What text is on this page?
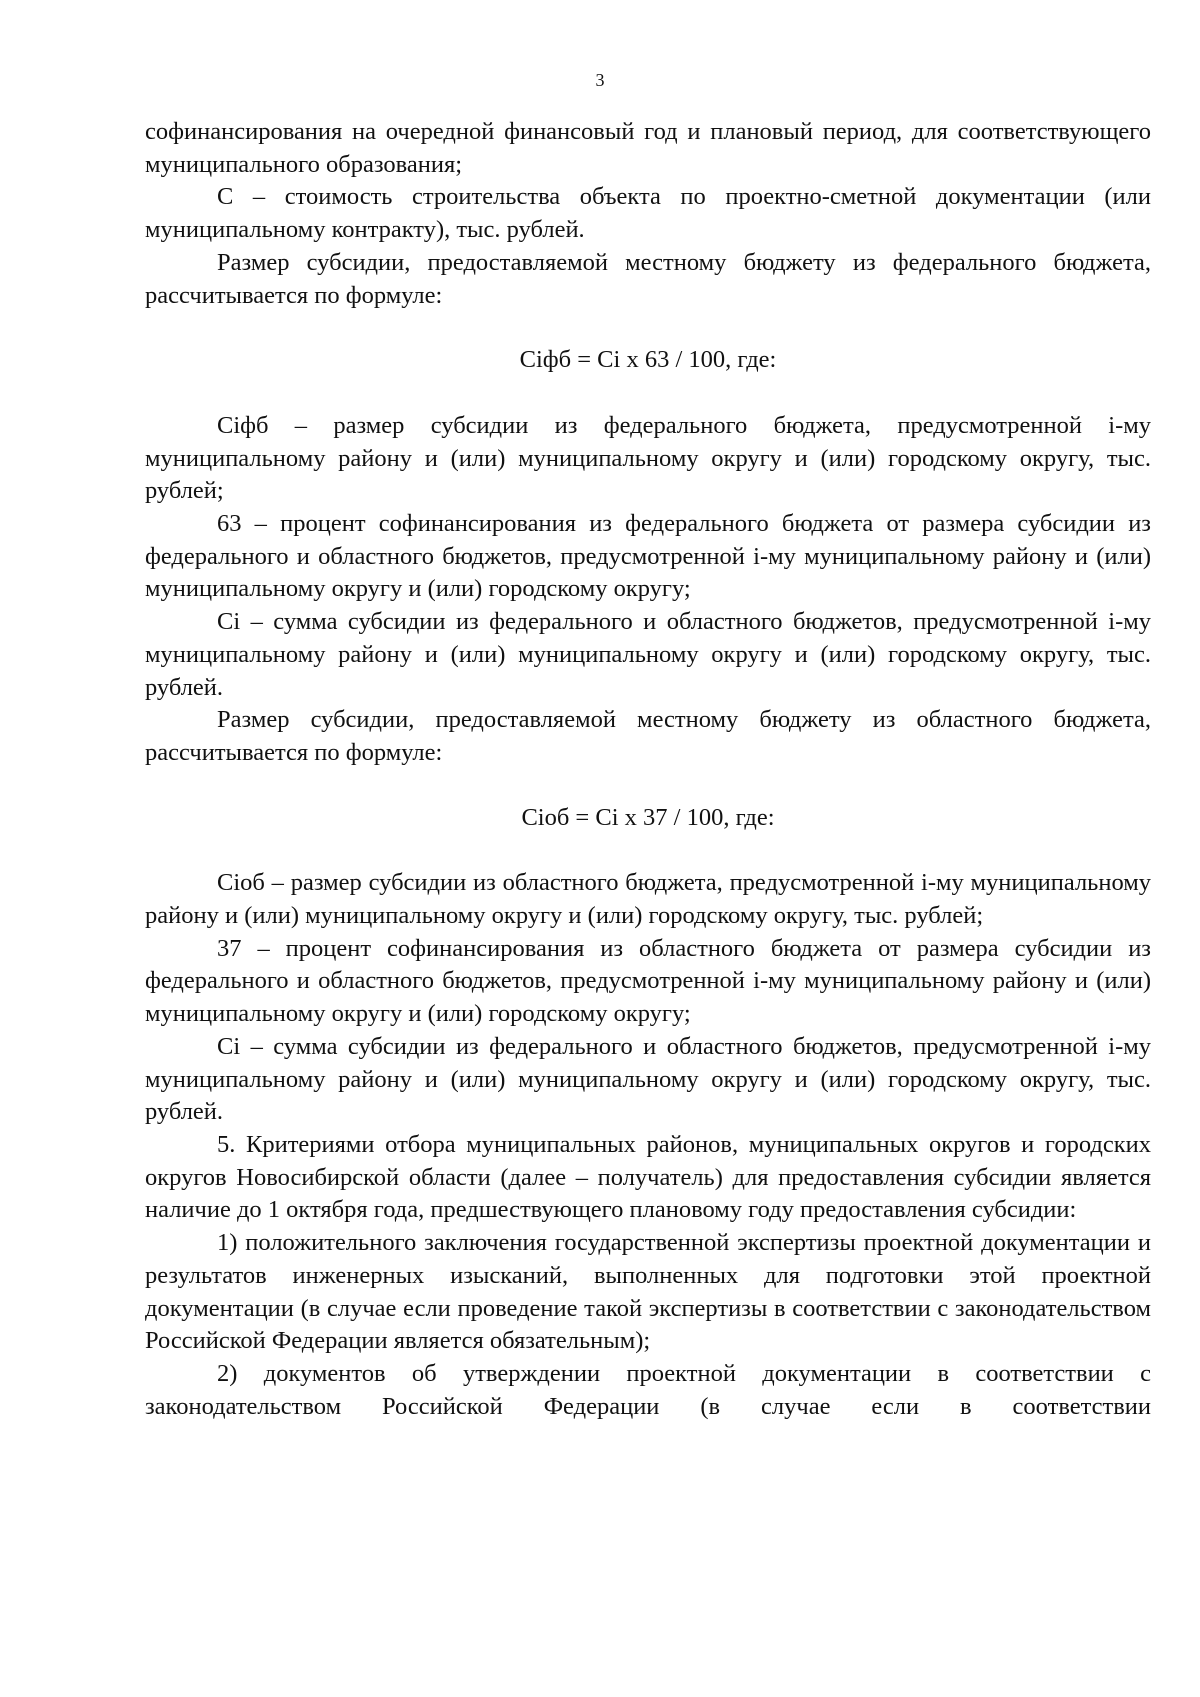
3

софинансирования на очередной финансовый год и плановый период, для соответствующего муниципального образования;

С – стоимость строительства объекта по проектно-сметной документации (или муниципальному контракту), тыс. рублей.

Размер субсидии, предоставляемой местному бюджету из федерального бюджета, рассчитывается по формуле:

Ciфб = Ci х 63 / 100, где:

Ciфб – размер субсидии из федерального бюджета, предусмотренной i-му муниципальному району и (или) муниципальному округу и (или) городскому округу, тыс. рублей;

63 – процент софинансирования из федерального бюджета от размера субсидии из федерального и областного бюджетов, предусмотренной i-му муниципальному району и (или) муниципальному округу и (или) городскому округу;

Ci – сумма субсидии из федерального и областного бюджетов, предусмотренной i-му муниципальному району и (или) муниципальному округу и (или) городскому округу, тыс. рублей.

Размер субсидии, предоставляемой местному бюджету из областного бюджета, рассчитывается по формуле:

Ciоб = Ci х 37 / 100, где:

Ciоб – размер субсидии из областного бюджета, предусмотренной i-му муниципальному району и (или) муниципальному округу и (или) городскому округу, тыс. рублей;

37 – процент софинансирования из областного бюджета от размера субсидии из федерального и областного бюджетов, предусмотренной i-му муниципальному району и (или) муниципальному округу и (или) городскому округу;

Ci – сумма субсидии из федерального и областного бюджетов, предусмотренной i-му муниципальному району и (или) муниципальному округу и (или) городскому округу, тыс. рублей.

5. Критериями отбора муниципальных районов, муниципальных округов и городских округов Новосибирской области (далее – получатель) для предоставления субсидии является наличие до 1 октября года, предшествующего плановому году предоставления субсидии:

1) положительного заключения государственной экспертизы проектной документации и результатов инженерных изысканий, выполненных для подготовки этой проектной документации (в случае если проведение такой экспертизы в соответствии с законодательством Российской Федерации является обязательным);

2) документов об утверждении проектной документации в соответствии с законодательством Российской Федерации (в случае если в соответствии
